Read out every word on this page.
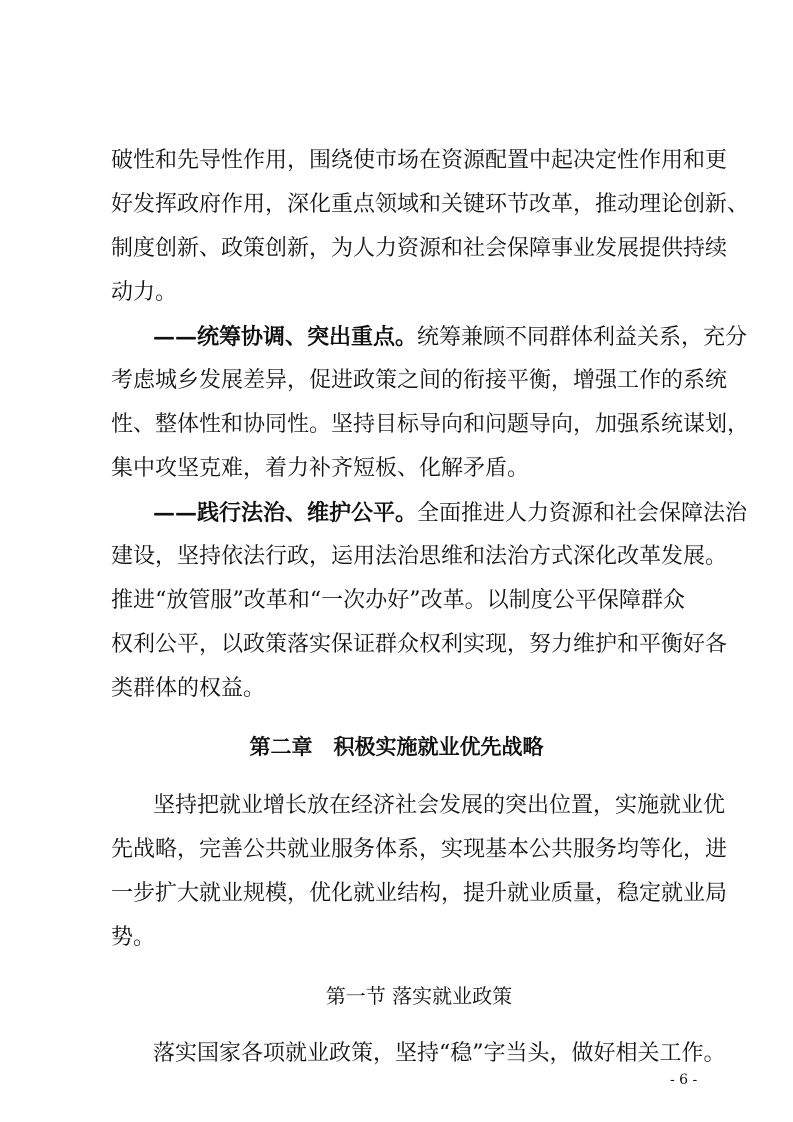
破性和先导性作用，围绕使市场在资源配置中起决定性作用和更
好发挥政府作用，深化重点领域和关键环节改革，推动理论创新、
制度创新、政策创新，为人力资源和社会保障事业发展提供持续
动力。
——统筹协调、突出重点。统筹兼顾不同群体利益关系，充分
考虑城乡发展差异，促进政策之间的衔接平衡，增强工作的系统
性、整体性和协同性。坚持目标导向和问题导向，加强系统谋划，
集中攻坚克难，着力补齐短板、化解矛盾。
——践行法治、维护公平。全面推进人力资源和社会保障法治
建设，坚持依法行政，运用法治思维和法治方式深化改革发展。
推进“放管服”改革和“一次办好”改革。以制度公平保障群众
权利公平，以政策落实保证群众权利实现，努力维护和平衡好各
类群体的权益。
第二章　积极实施就业优先战略
坚持把就业增长放在经济社会发展的突出位置，实施就业优
先战略，完善公共就业服务体系，实现基本公共服务均等化，进
一步扩大就业规模，优化就业结构，提升就业质量，稳定就业局
势。
第一节 落实就业政策
落实国家各项就业政策，坚持“稳”字当头，做好相关工作。
- 6 -
